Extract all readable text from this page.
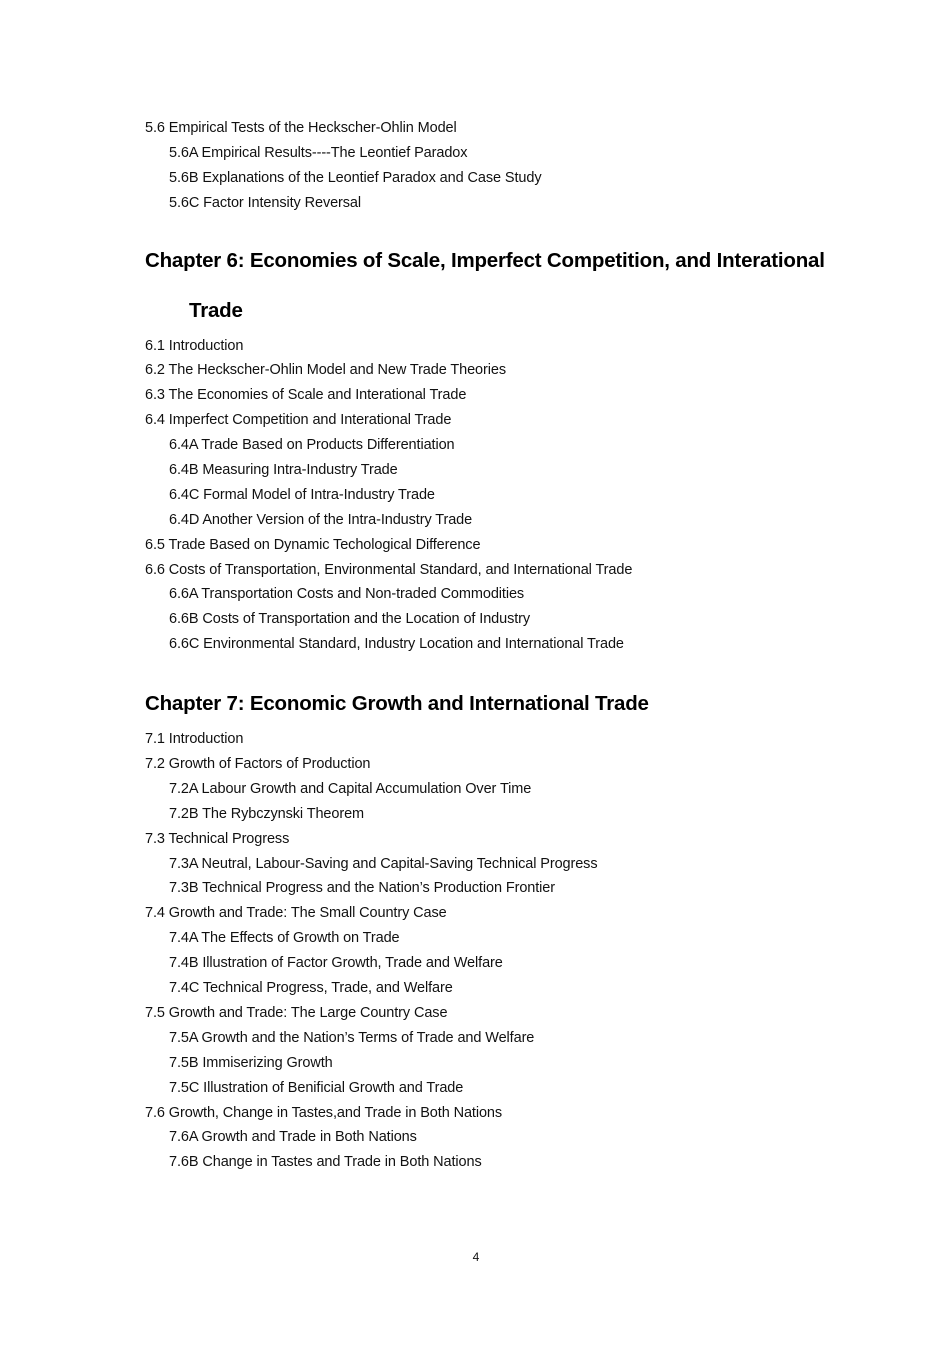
5.6 Empirical Tests of the Heckscher-Ohlin Model
5.6A Empirical Results----The Leontief Paradox
5.6B Explanations of the Leontief Paradox and Case Study
5.6C Factor Intensity Reversal
Chapter 6: Economies of Scale, Imperfect Competition, and Interational
Trade
6.1 Introduction
6.2 The Heckscher-Ohlin Model and New Trade Theories
6.3 The Economies of Scale and Interational Trade
6.4 Imperfect Competition and Interational Trade
6.4A Trade Based on Products Differentiation
6.4B Measuring Intra-Industry Trade
6.4C Formal Model of Intra-Industry Trade
6.4D Another Version of the Intra-Industry Trade
6.5 Trade Based on Dynamic Techological Difference
6.6 Costs of Transportation, Environmental Standard, and International Trade
6.6A Transportation Costs and Non-traded Commodities
6.6B Costs of Transportation and the Location of Industry
6.6C Environmental Standard, Industry Location and International Trade
Chapter 7: Economic Growth and International Trade
7.1 Introduction
7.2 Growth of Factors of Production
7.2A Labour Growth and Capital Accumulation Over Time
7.2B The Rybczynski Theorem
7.3 Technical Progress
7.3A Neutral, Labour-Saving and Capital-Saving Technical Progress
7.3B Technical Progress and the Nation’s Production Frontier
7.4 Growth and Trade: The Small Country Case
7.4A The Effects of Growth on Trade
7.4B Illustration of Factor Growth, Trade and Welfare
7.4C Technical Progress, Trade, and Welfare
7.5 Growth and Trade: The Large Country Case
7.5A Growth and the Nation’s Terms of Trade and Welfare
7.5B Immiserizing Growth
7.5C Illustration of Benificial Growth and Trade
7.6 Growth, Change in Tastes,and Trade in Both Nations
7.6A Growth and Trade in Both Nations
7.6B Change in Tastes and Trade in Both Nations
4
